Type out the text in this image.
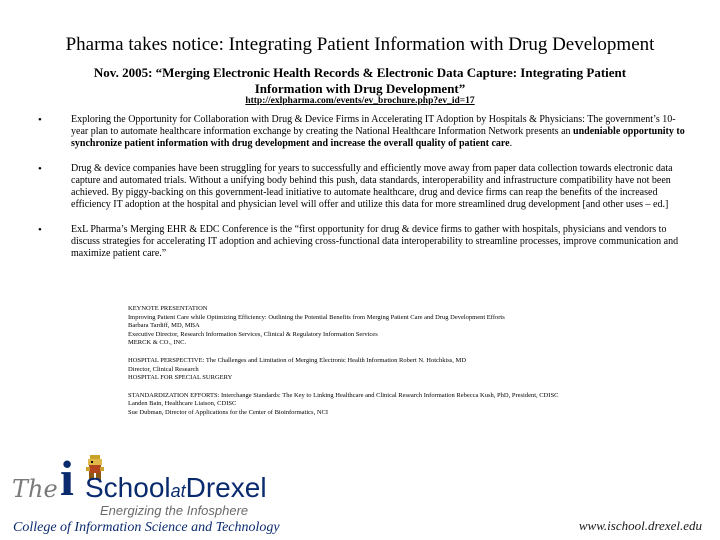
Pharma takes notice: Integrating Patient Information with Drug Development
Nov. 2005: “Merging Electronic Health Records & Electronic Data Capture: Integrating Patient Information with Drug Development”
http://exlpharma.com/events/ev_brochure.php?ev_id=17
•	Exploring the Opportunity for Collaboration with Drug & Device Firms in Accelerating IT Adoption by Hospitals & Physicians: The government’s 10-year plan to automate healthcare information exchange by creating the National Healthcare Information Network presents an undeniable opportunity to synchronize patient information with drug development and increase the overall quality of patient care.
•	Drug & device companies have been struggling for years to successfully and efficiently move away from paper data collection towards electronic data capture and automated trials. Without a unifying body behind this push, data standards, interoperability and infrastructure compatibility have not been achieved. By piggy-backing on this government-lead initiative to automate healthcare, drug and device firms can reap the benefits of the increased efficiency IT adoption at the hospital and physician level will offer and utilize this data for more streamlined drug development [and other uses – ed.]
•	ExL Pharma’s Merging EHR & EDC Conference is the “first opportunity for drug & device firms to gather with hospitals, physicians and vendors to discuss strategies for accelerating IT adoption and achieving cross-functional data interoperability to streamline processes, improve communication and maximize patient care.”
KEYNOTE PRESENTATION
Improving Patient Care while Optimizing Efficiency: Outlining the Potential Benefits from Merging Patient Care and Drug Development Efforts
Barbara Tardiff, MD, MBA
Executive Director, Research Information Services, Clinical & Regulatory Information Services
MERCK & CO., INC.
HOSPITAL PERSPECTIVE: The Challenges and Limitation of Merging Electronic Health Information Robert N. Hotchkiss, MD
Director, Clinical Research
HOSPITAL FOR SPECIAL SURGERY
STANDARDIZATION EFFORTS: Interchange Standards: The Key to Linking Healthcare and Clinical Research Information Rebecca Kush, PhD, President, CDISC
Landen Bain, Healthcare Liaison, CDISC
Sue Dubman, Director of Applications for the Center of Bioinformatics, NCI
The i SchoolatDrexel
Energizing the Infosphere
College of Information Science and Technology	www.ischool.drexel.edu
